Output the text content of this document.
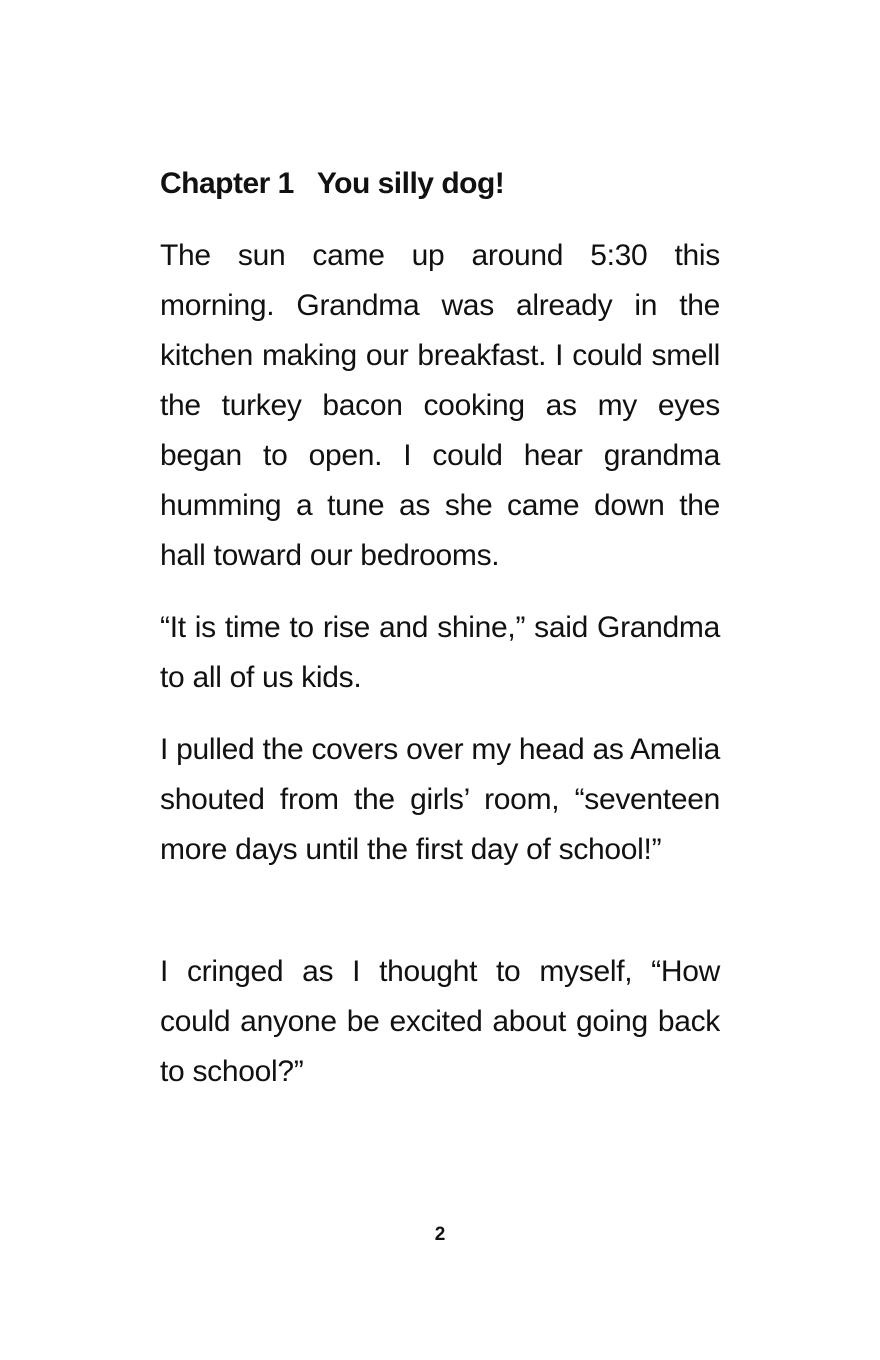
Chapter 1 You silly dog!

The sun came up around 5:30 this morning. Grandma was already in the kitchen making our breakfast. I could smell the turkey bacon cooking as my eyes began to open. I could hear grandma humming a tune as she came down the hall toward our bedrooms.

“It is time to rise and shine,” said Grandma to all of us kids.

I pulled the covers over my head as Amelia shouted from the girls’ room, “seventeen more days until the first day of school!”

I cringed as I thought to myself, “How could anyone be excited about going back to school?”

2
